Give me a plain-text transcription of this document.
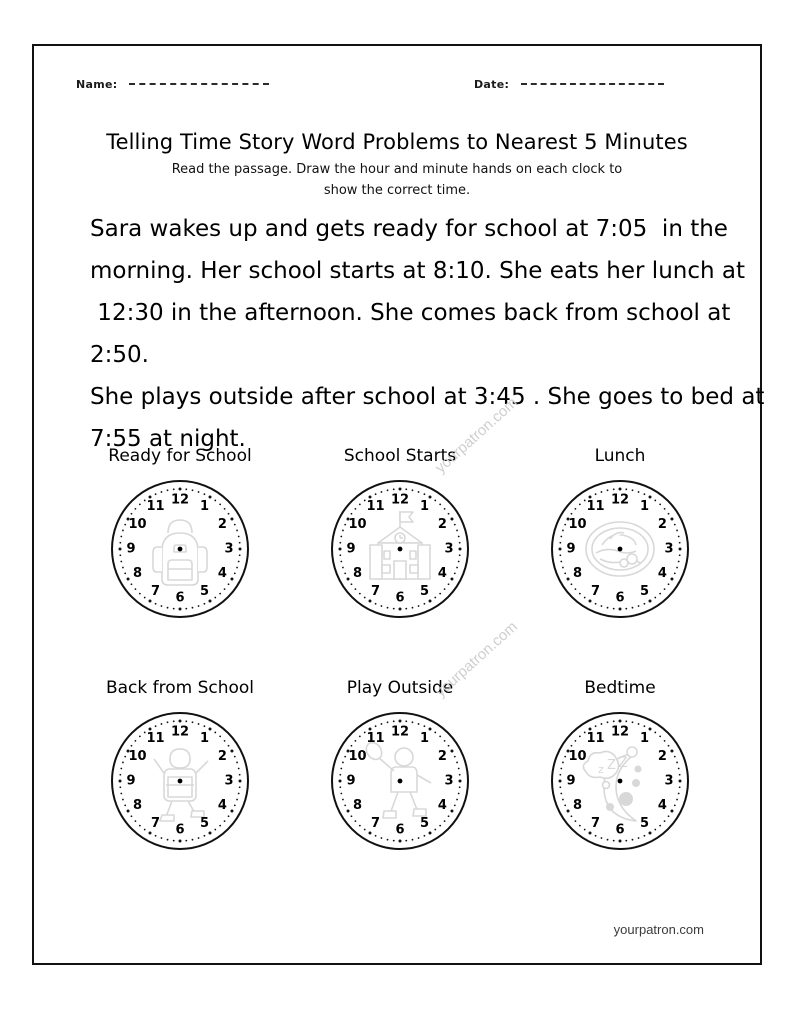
Name:	Date:
Telling Time Story Word Problems to Nearest 5 Minutes
Read the passage. Draw the hour and minute hands on each clock to
show the correct time.
Sara wakes up and gets ready for school at 7:05  in the
morning. Her school starts at 8:10. She eats her lunch at
12:30 in the afternoon. She comes back from school at
2:50.
She plays outside after school at 3:45 . She goes to bed at
7:55 at night.
Ready for School
12 1
2
3
4
5
6
7
8
9
10
11
School Starts
12 1
2
3
4
5
6
7
8
9
10
11
Lunch
12 1
2
3
4
5
6
7
8
9
10
11
Back from School
12 1
2
3
4
5
6
7
8
9
10
11
Play Outside
12 1
2
3
4
5
6
7
8
9
10
11
Bedtime
z Z Z
12 1
2
3
4
5
6
7
8
9
10
11
yourpatron.com
yourpatron.com
yourpatron.com
